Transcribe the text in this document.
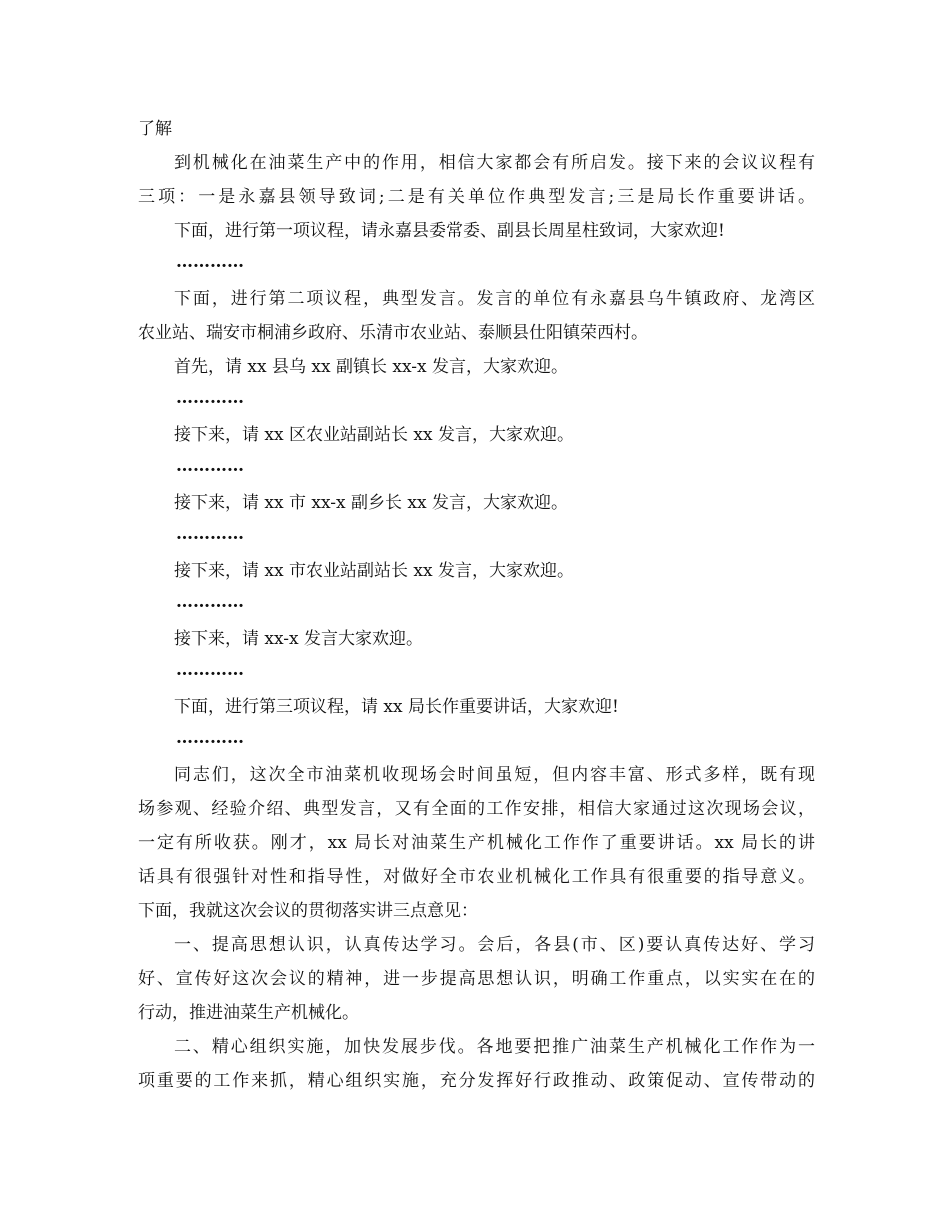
了解

到机械化在油菜生产中的作用，相信大家都会有所启发。接下来的会议议程有

三项：一是永嘉县领导致词;二是有关单位作典型发言;三是局长作重要讲话。

下面，进行第一项议程，请永嘉县委常委、副县长周星柱致词，大家欢迎!

…………

下面，进行第二项议程，典型发言。发言的单位有永嘉县乌牛镇政府、龙湾区

农业站、瑞安市桐浦乡政府、乐清市农业站、泰顺县仕阳镇荣西村。

首先，请 xx 县乌 xx 副镇长 xx-x 发言，大家欢迎。

…………

接下来，请 xx 区农业站副站长 xx 发言，大家欢迎。

…………

接下来，请 xx 市 xx-x 副乡长 xx 发言，大家欢迎。

…………

接下来，请 xx 市农业站副站长 xx 发言，大家欢迎。

…………

接下来，请 xx-x 发言大家欢迎。

…………

下面，进行第三项议程，请 xx 局长作重要讲话，大家欢迎!

…………

同志们，这次全市油菜机收现场会时间虽短，但内容丰富、形式多样，既有现

场参观、经验介绍、典型发言，又有全面的工作安排，相信大家通过这次现场会议，

一定有所收获。刚才，xx 局长对油菜生产机械化工作作了重要讲话。xx 局长的讲

话具有很强针对性和指导性，对做好全市农业机械化工作具有很重要的指导意义。

下面，我就这次会议的贯彻落实讲三点意见：

一、提高思想认识，认真传达学习。会后，各县(市、区)要认真传达好、学习

好、宣传好这次会议的精神，进一步提高思想认识，明确工作重点，以实实在在的

行动，推进油菜生产机械化。

二、精心组织实施，加快发展步伐。各地要把推广油菜生产机械化工作作为一

项重要的工作来抓，精心组织实施，充分发挥好行政推动、政策促动、宣传带动的
